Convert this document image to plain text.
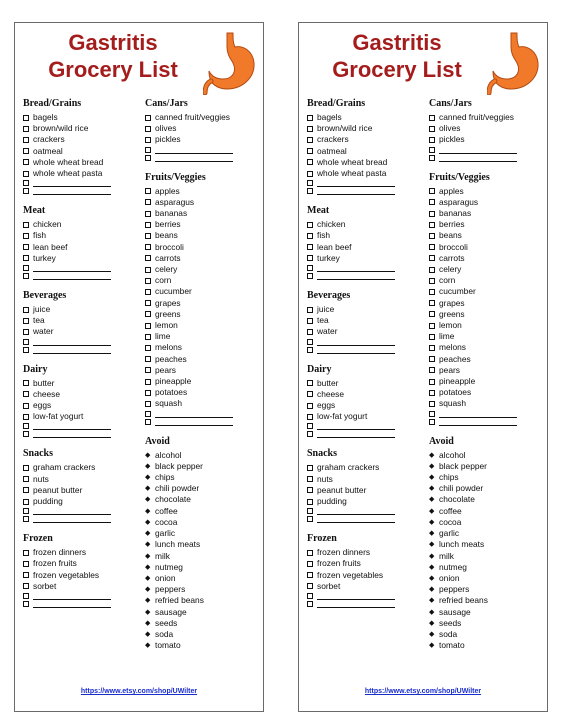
Gastritis
Grocery List
Bread/Grains
bagels
brown/wild rice
crackers
oatmeal
whole wheat bread
whole wheat pasta
Meat
chicken
fish
lean beef
turkey
Beverages
juice
tea
water
Dairy
butter
cheese
eggs
low-fat yogurt
Snacks
graham crackers
nuts
peanut butter
pudding
Frozen
frozen dinners
frozen fruits
frozen vegetables
sorbet
Cans/Jars
canned fruit/veggies
olives
pickles
Fruits/Veggies
apples
asparagus
bananas
berries
beans
broccoli
carrots
celery
corn
cucumber
grapes
greens
lemon
lime
melons
peaches
pears
pineapple
potatoes
squash
Avoid
◆ alcohol
◆ black pepper
◆ chips
◆ chili powder
◆ chocolate
◆ coffee
◆ cocoa
◆ garlic
◆ lunch meats
◆ milk
◆ nutmeg
◆ onion
◆ peppers
◆ refried beans
◆ sausage
◆ seeds
◆ soda
◆ tomato
https://www.etsy.com/shop/UWilter
Gastritis
Grocery List
Bread/Grains
bagels
brown/wild rice
crackers
oatmeal
whole wheat bread
whole wheat pasta
Meat
chicken
fish
lean beef
turkey
Beverages
juice
tea
water
Dairy
butter
cheese
eggs
low-fat yogurt
Snacks
graham crackers
nuts
peanut butter
pudding
Frozen
frozen dinners
frozen fruits
frozen vegetables
sorbet
Cans/Jars
canned fruit/veggies
olives
pickles
Fruits/Veggies
apples
asparagus
bananas
berries
beans
broccoli
carrots
celery
corn
cucumber
grapes
greens
lemon
lime
melons
peaches
pears
pineapple
potatoes
squash
Avoid
◆ alcohol
◆ black pepper
◆ chips
◆ chili powder
◆ chocolate
◆ coffee
◆ cocoa
◆ garlic
◆ lunch meats
◆ milk
◆ nutmeg
◆ onion
◆ peppers
◆ refried beans
◆ sausage
◆ seeds
◆ soda
◆ tomato
https://www.etsy.com/shop/UWilter
